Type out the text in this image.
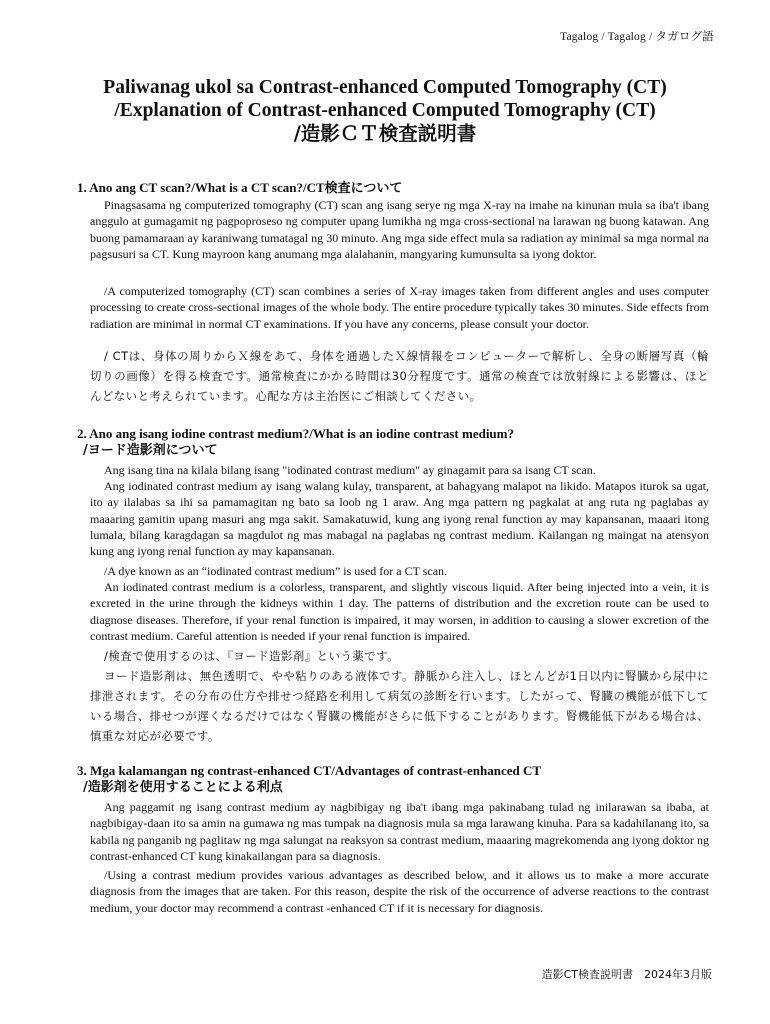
Tagalog / Tagalog / タガログ語
Paliwanag ukol sa Contrast-enhanced Computed Tomography (CT)
/Explanation of Contrast-enhanced Computed Tomography (CT)
/造影ＣＴ検査説明書
1. Ano ang CT scan?/What is a CT scan?/CT検査について

Pinagsasama ng computerized tomography (CT) scan ang isang serye ng mga X-ray na imahe na kinunan mula sa iba't ibang anggulo at gumagamit ng pagpoproseso ng computer upang lumikha ng mga cross-sectional na larawan ng buong katawan. Ang buong pamamaraan ay karaniwang tumatagal ng 30 minuto. Ang mga side effect mula sa radiation ay minimal sa mga normal na pagsusuri sa CT. Kung mayroon kang anumang mga alalahanin, mangyaring kumunsulta sa iyong doktor.

/A computerized tomography (CT) scan combines a series of X-ray images taken from different angles and uses computer processing to create cross-sectional images of the whole body. The entire procedure typically takes 30 minutes. Side effects from radiation are minimal in normal CT examinations. If you have any concerns, please consult your doctor.

/ CTは、身体の周りからＸ線をあて、身体を通過したＸ線情報をコンピューターで解析し、全身の断層写真（輪切りの画像）を得る検査です。通常検査にかかる時間は30分程度です。通常の検査では放射線による影響は、ほとんどないと考えられています。心配な方は主治医にご相談してください。

2. Ano ang isang iodine contrast medium?/What is an iodine contrast medium?
/ヨード造影剤について

Ang isang tina na kilala bilang isang "iodinated contrast medium" ay ginagamit para sa isang CT scan.

Ang iodinated contrast medium ay isang walang kulay, transparent, at bahagyang malapot na likido. Matapos iturok sa ugat, ito ay ilalabas sa ihi sa pamamagitan ng bato sa loob ng 1 araw. Ang mga pattern ng pagkalat at ang ruta ng paglabas ay maaaring gamitin upang masuri ang mga sakit. Samakatuwid, kung ang iyong renal function ay may kapansanan, maaari itong lumala, bilang karagdagan sa magdulot ng mas mabagal na paglabas ng contrast medium. Kailangan ng maingat na atensyon kung ang iyong renal function ay may kapansanan.

/A dye known as an “iodinated contrast medium” is used for a CT scan.

An iodinated contrast medium is a colorless, transparent, and slightly viscous liquid. After being injected into a vein, it is excreted in the urine through the kidneys within 1 day. The patterns of distribution and the excretion route can be used to diagnose diseases. Therefore, if your renal function is impaired, it may worsen, in addition to causing a slower excretion of the contrast medium. Careful attention is needed if your renal function is impaired.

/検査で使用するのは、『ヨード造影剤』という薬です。

ヨード造影剤は、無色透明で、やや粘りのある液体です。静脈から注入し、ほとんどが1日以内に腎臓から尿中に排泄されます。その分布の仕方や排せつ経路を利用して病気の診断を行います。したがって、腎臓の機能が低下している場合、排せつが遅くなるだけではなく腎臓の機能がさらに低下することがあります。腎機能低下がある場合は、慎重な対応が必要です。

3. Mga kalamangan ng contrast-enhanced CT/Advantages of contrast-enhanced CT
/造影剤を使用することによる利点

Ang paggamit ng isang contrast medium ay nagbibigay ng iba't ibang mga pakinabang tulad ng inilarawan sa ibaba, at nagbibigay-daan ito sa amin na gumawa ng mas tumpak na diagnosis mula sa mga larawang kinuha. Para sa kadahilanang ito, sa kabila ng panganib ng paglitaw ng mga salungat na reaksyon sa contrast medium, maaaring magrekomenda ang iyong doktor ng contrast-enhanced CT kung kinakailangan para sa diagnosis.

/Using a contrast medium provides various advantages as described below, and it allows us to make a more accurate diagnosis from the images that are taken. For this reason, despite the risk of the occurrence of adverse reactions to the contrast medium, your doctor may recommend a contrast -enhanced CT if it is necessary for diagnosis.

造影CT検査説明書　2024年3月版
